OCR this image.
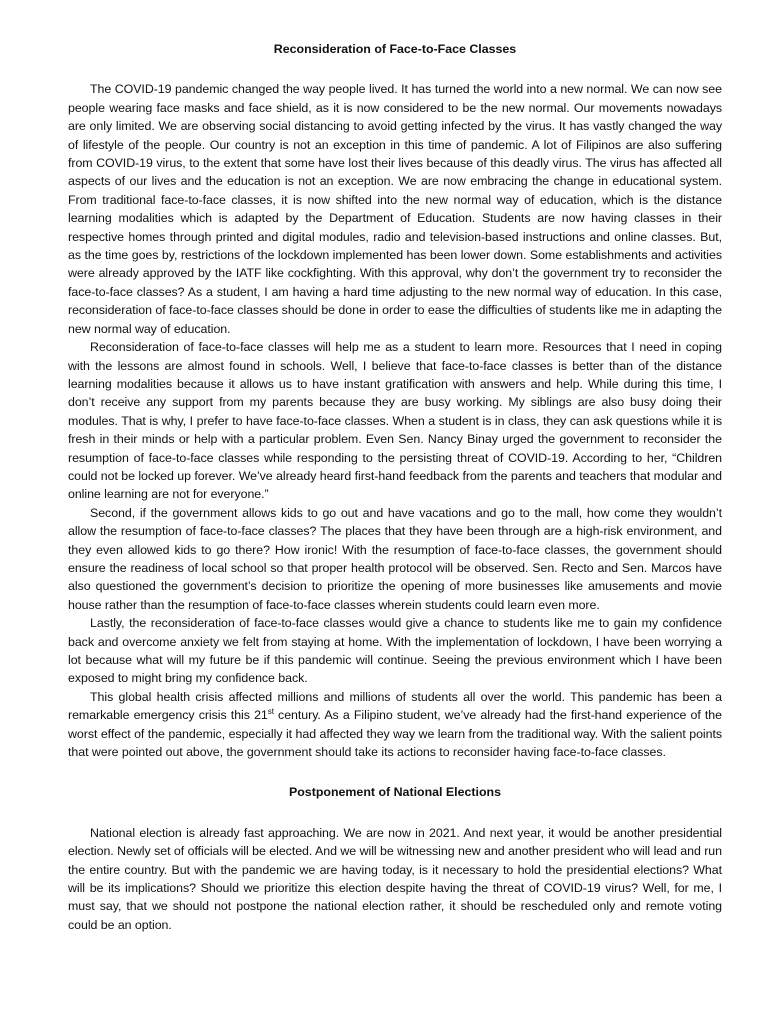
Reconsideration of Face-to-Face Classes

The COVID-19 pandemic changed the way people lived. It has turned the world into a new normal. We can now see people wearing face masks and face shield, as it is now considered to be the new normal. Our movements nowadays are only limited. We are observing social distancing to avoid getting infected by the virus. It has vastly changed the way of lifestyle of the people. Our country is not an exception in this time of pandemic. A lot of Filipinos are also suffering from COVID-19 virus, to the extent that some have lost their lives because of this deadly virus. The virus has affected all aspects of our lives and the education is not an exception. We are now embracing the change in educational system. From traditional face-to-face classes, it is now shifted into the new normal way of education, which is the distance learning modalities which is adapted by the Department of Education. Students are now having classes in their respective homes through printed and digital modules, radio and television-based instructions and online classes. But, as the time goes by, restrictions of the lockdown implemented has been lower down. Some establishments and activities were already approved by the IATF like cockfighting. With this approval, why don’t the government try to reconsider the face-to-face classes? As a student, I am having a hard time adjusting to the new normal way of education. In this case, reconsideration of face-to-face classes should be done in order to ease the difficulties of students like me in adapting the new normal way of education.

Reconsideration of face-to-face classes will help me as a student to learn more. Resources that I need in coping with the lessons are almost found in schools. Well, I believe that face-to-face classes is better than of the distance learning modalities because it allows us to have instant gratification with answers and help. While during this time, I don’t receive any support from my parents because they are busy working. My siblings are also busy doing their modules. That is why, I prefer to have face-to-face classes. When a student is in class, they can ask questions while it is fresh in their minds or help with a particular problem. Even Sen. Nancy Binay urged the government to reconsider the resumption of face-to-face classes while responding to the persisting threat of COVID-19. According to her, “Children could not be locked up forever. We’ve already heard first-hand feedback from the parents and teachers that modular and online learning are not for everyone.”

Second, if the government allows kids to go out and have vacations and go to the mall, how come they wouldn’t allow the resumption of face-to-face classes? The places that they have been through are a high-risk environment, and they even allowed kids to go there? How ironic! With the resumption of face-to-face classes, the government should ensure the readiness of local school so that proper health protocol will be observed. Sen. Recto and Sen. Marcos have also questioned the government’s decision to prioritize the opening of more businesses like amusements and movie house rather than the resumption of face-to-face classes wherein students could learn even more.

Lastly, the reconsideration of face-to-face classes would give a chance to students like me to gain my confidence back and overcome anxiety we felt from staying at home. With the implementation of lockdown, I have been worrying a lot because what will my future be if this pandemic will continue. Seeing the previous environment which I have been exposed to might bring my confidence back.

This global health crisis affected millions and millions of students all over the world. This pandemic has been a remarkable emergency crisis this 21st century. As a Filipino student, we’ve already had the first-hand experience of the worst effect of the pandemic, especially it had affected they way we learn from the traditional way. With the salient points that were pointed out above, the government should take its actions to reconsider having face-to-face classes.

Postponement of National Elections

National election is already fast approaching. We are now in 2021. And next year, it would be another presidential election. Newly set of officials will be elected. And we will be witnessing new and another president who will lead and run the entire country. But with the pandemic we are having today, is it necessary to hold the presidential elections? What will be its implications? Should we prioritize this election despite having the threat of COVID-19 virus? Well, for me, I must say, that we should not postpone the national election rather, it should be rescheduled only and remote voting could be an option.
